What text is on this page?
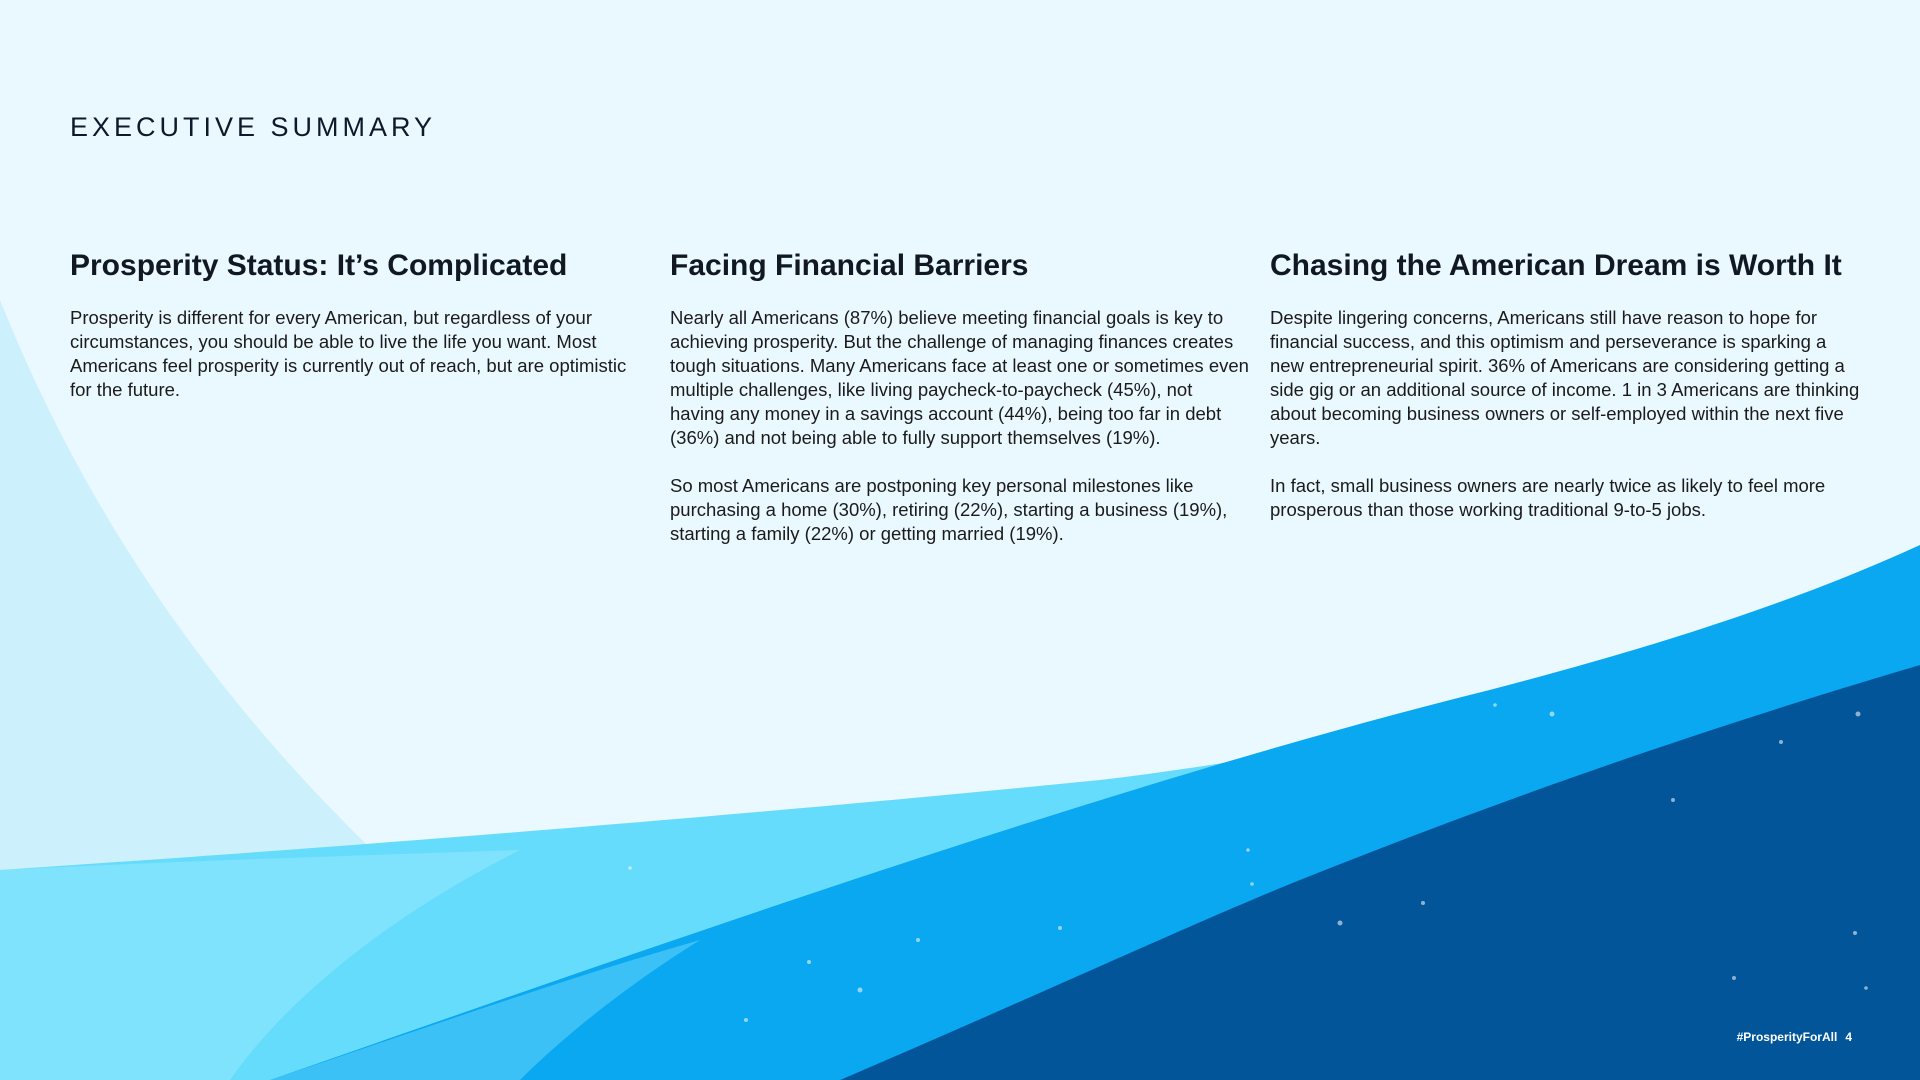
EXECUTIVE SUMMARY
Prosperity Status: It’s Complicated

Prosperity is different for every American, but regardless of your circumstances, you should be able to live the life you want. Most Americans feel prosperity is currently out of reach, but are optimistic for the future.

Facing Financial Barriers

Nearly all Americans (87%) believe meeting financial goals is key to achieving prosperity. But the challenge of managing finances creates tough situations. Many Americans face at least one or sometimes even multiple challenges, like living paycheck-to-paycheck (45%), not having any money in a savings account (44%), being too far in debt (36%) and not being able to fully support themselves (19%).

So most Americans are postponing key personal milestones like purchasing a home (30%), retiring (22%), starting a business (19%), starting a family (22%) or getting married (19%).

Chasing the American Dream is Worth It

Despite lingering concerns, Americans still have reason to hope for financial success, and this optimism and perseverance is sparking a new entrepreneurial spirit. 36% of Americans are considering getting a side gig or an additional source of income. 1 in 3 Americans are thinking about becoming business owners or self-employed within the next five years.

In fact, small business owners are nearly twice as likely to feel more prosperous than those working traditional 9-to-5 jobs.

#ProsperityForAll 4
